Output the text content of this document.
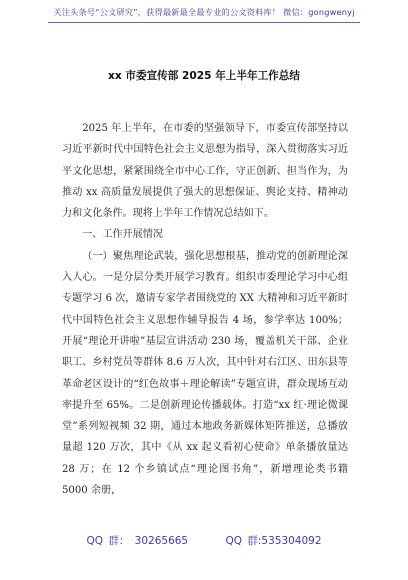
关注头条号“公文研究”，获得最新最全最专业的公文资料库！ 微信：gongwenyj
xx 市委宣传部 2025 年上半年工作总结

2025 年上半年，在市委的坚强领导下，市委宣传部坚持以习近平新时代中国特色社会主义思想为指导，深入贯彻落实习近平文化思想，紧紧围绕全市中心工作，守正创新、担当作为，为推动 xx 高质量发展提供了强大的思想保证、舆论支持、精神动力和文化条件。现将上半年工作情况总结如下。

一、工作开展情况

（一）聚焦理论武装，强化思想根基，推动党的创新理论深入人心。一是分层分类开展学习教育。组织市委理论学习中心组专题学习 6 次，邀请专家学者围绕党的 XX 大精神和习近平新时代中国特色社会主义思想作辅导报告 4 场，参学率达 100%；开展“理论开讲啦”基层宣讲活动 230 场，覆盖机关干部、企业职工、乡村党员等群体 8.6 万人次，其中针对右江区、田东县等革命老区设计的“红色故事＋理论解读”专题宣讲，群众现场互动率提升至 65%。二是创新理论传播载体。打造“xx 红·理论微课堂”系列短视频 32 期，通过本地政务新媒体矩阵推送，总播放量超 120 万次，其中《从 xx 起义看初心使命》单条播放量达 28 万；在 12 个乡镇试点“理论图书角”，新增理论类书籍 5000 余册，

QQ 群： 30265665	QQ 群:535304092
